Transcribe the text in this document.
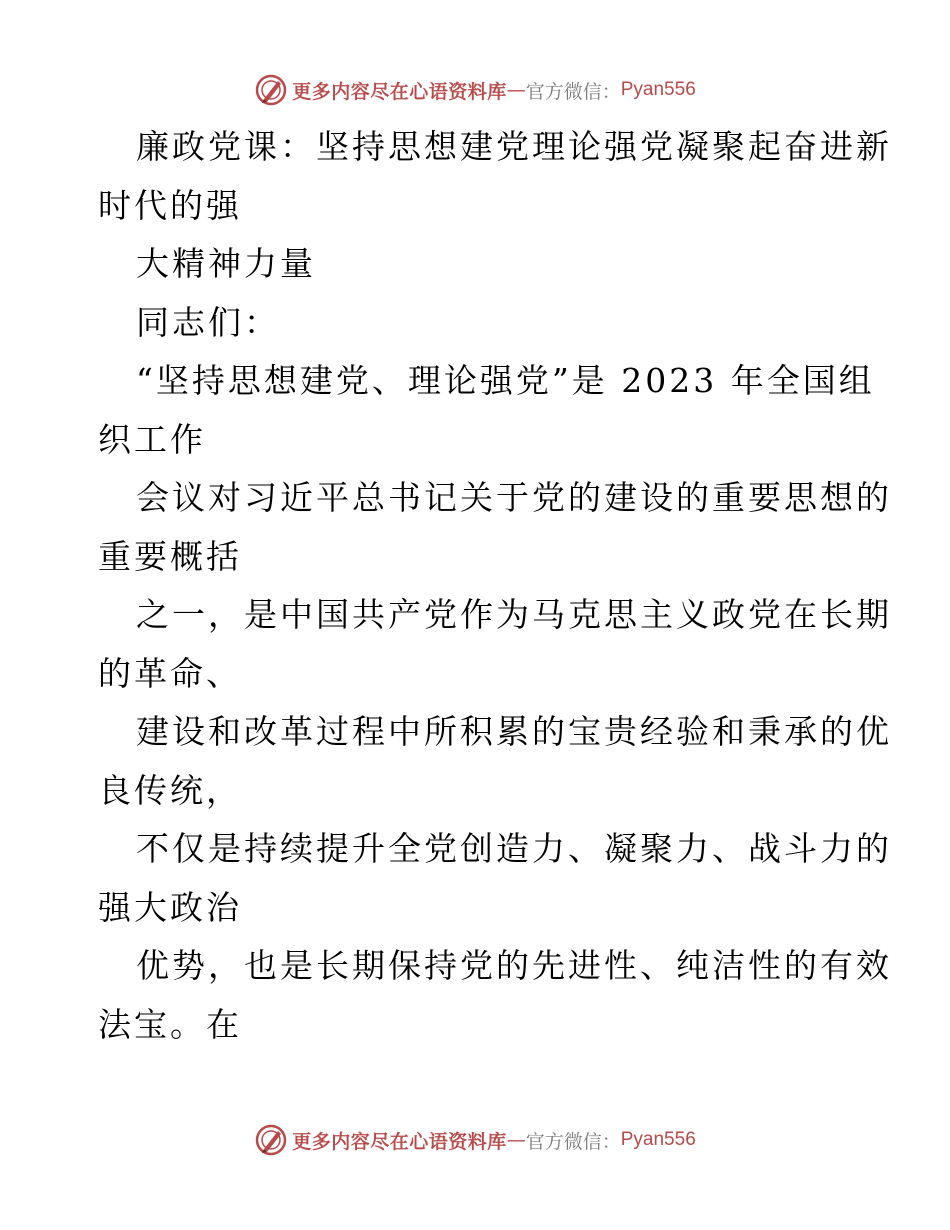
更多内容尽在心语资料库 — 官方微信： Pyan556
廉政党课：坚持思想建党理论强党凝聚起奋进新
时代的强
大精神力量
同志们：
“坚持思想建党、理论强党”是 2023 年全国组
织工作
会议对习近平总书记关于党的建设的重要思想的
重要概括
之一，是中国共产党作为马克思主义政党在长期
的革命、
建设和改革过程中所积累的宝贵经验和秉承的优
良传统，
不仅是持续提升全党创造力、凝聚力、战斗力的
强大政治
优势，也是长期保持党的先进性、纯洁性的有效
法宝。在
更多内容尽在心语资料库 — 官方微信： Pyan556
